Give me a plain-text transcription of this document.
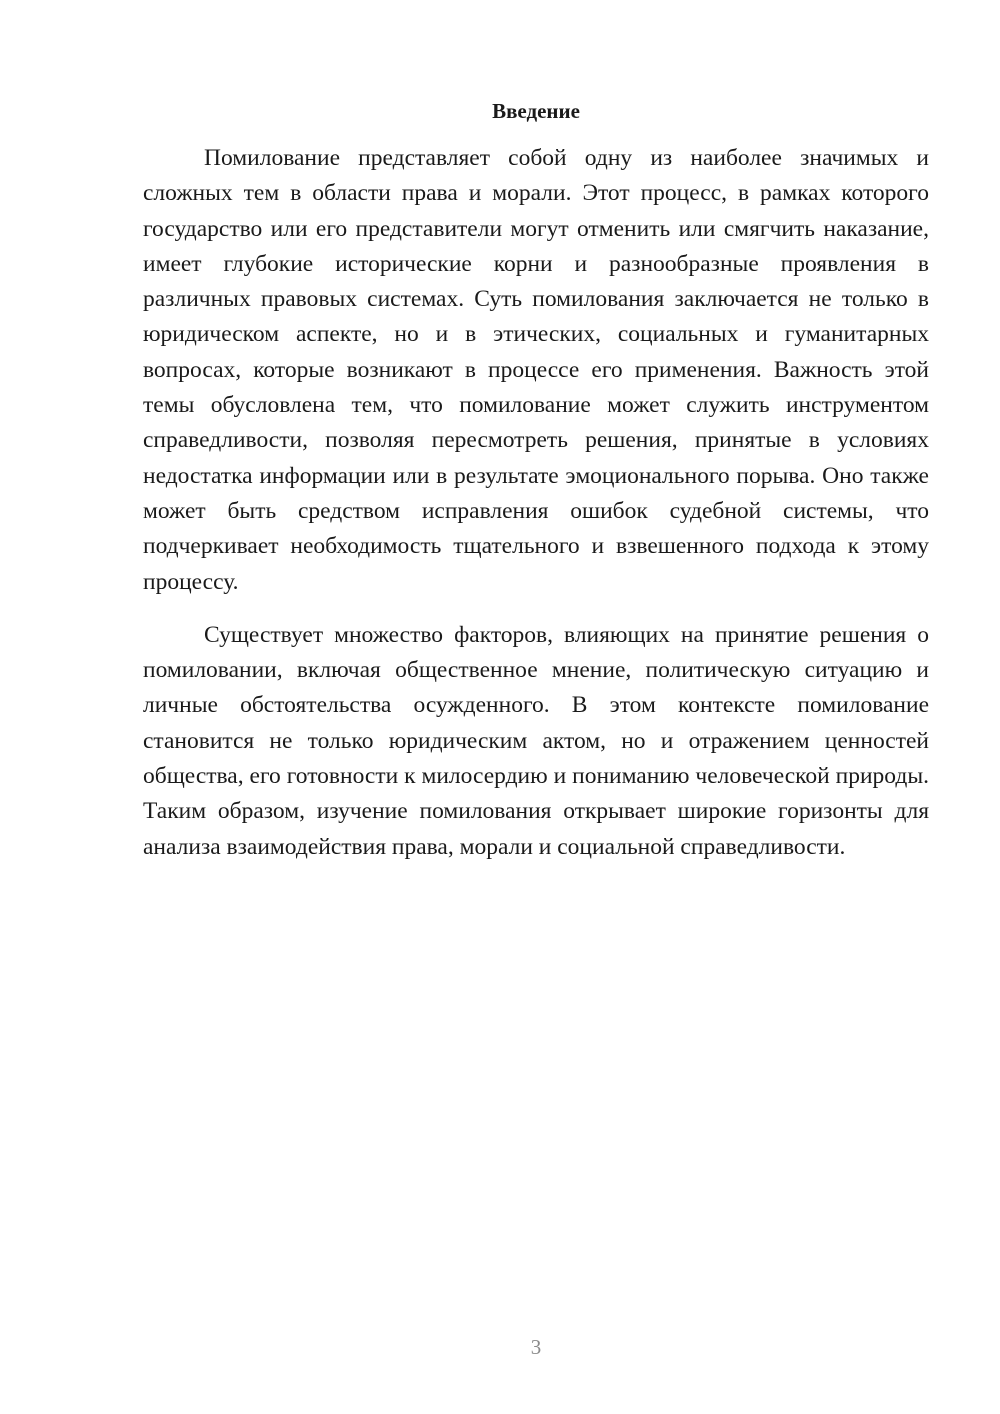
Введение

Помилование представляет собой одну из наиболее значимых и сложных тем в области права и морали. Этот процесс, в рамках которого государство или его представители могут отменить или смягчить наказание, имеет глубокие исторические корни и разнообразные проявления в различных правовых системах. Суть помилования заключается не только в юридическом аспекте, но и в этических, социальных и гуманитарных вопросах, которые возникают в процессе его применения. Важность этой темы обусловлена тем, что помилование может служить инструментом справедливости, позволяя пересмотреть решения, принятые в условиях недостатка информации или в результате эмоционального порыва. Оно также может быть средством исправления ошибок судебной системы, что подчеркивает необходимость тщательного и взвешенного подхода к этому процессу.

Существует множество факторов, влияющих на принятие решения о помиловании, включая общественное мнение, политическую ситуацию и личные обстоятельства осужденного. В этом контексте помилование становится не только юридическим актом, но и отражением ценностей общества, его готовности к милосердию и пониманию человеческой природы. Таким образом, изучение помилования открывает широкие горизонты для анализа взаимодействия права, морали и социальной справедливости.

3
